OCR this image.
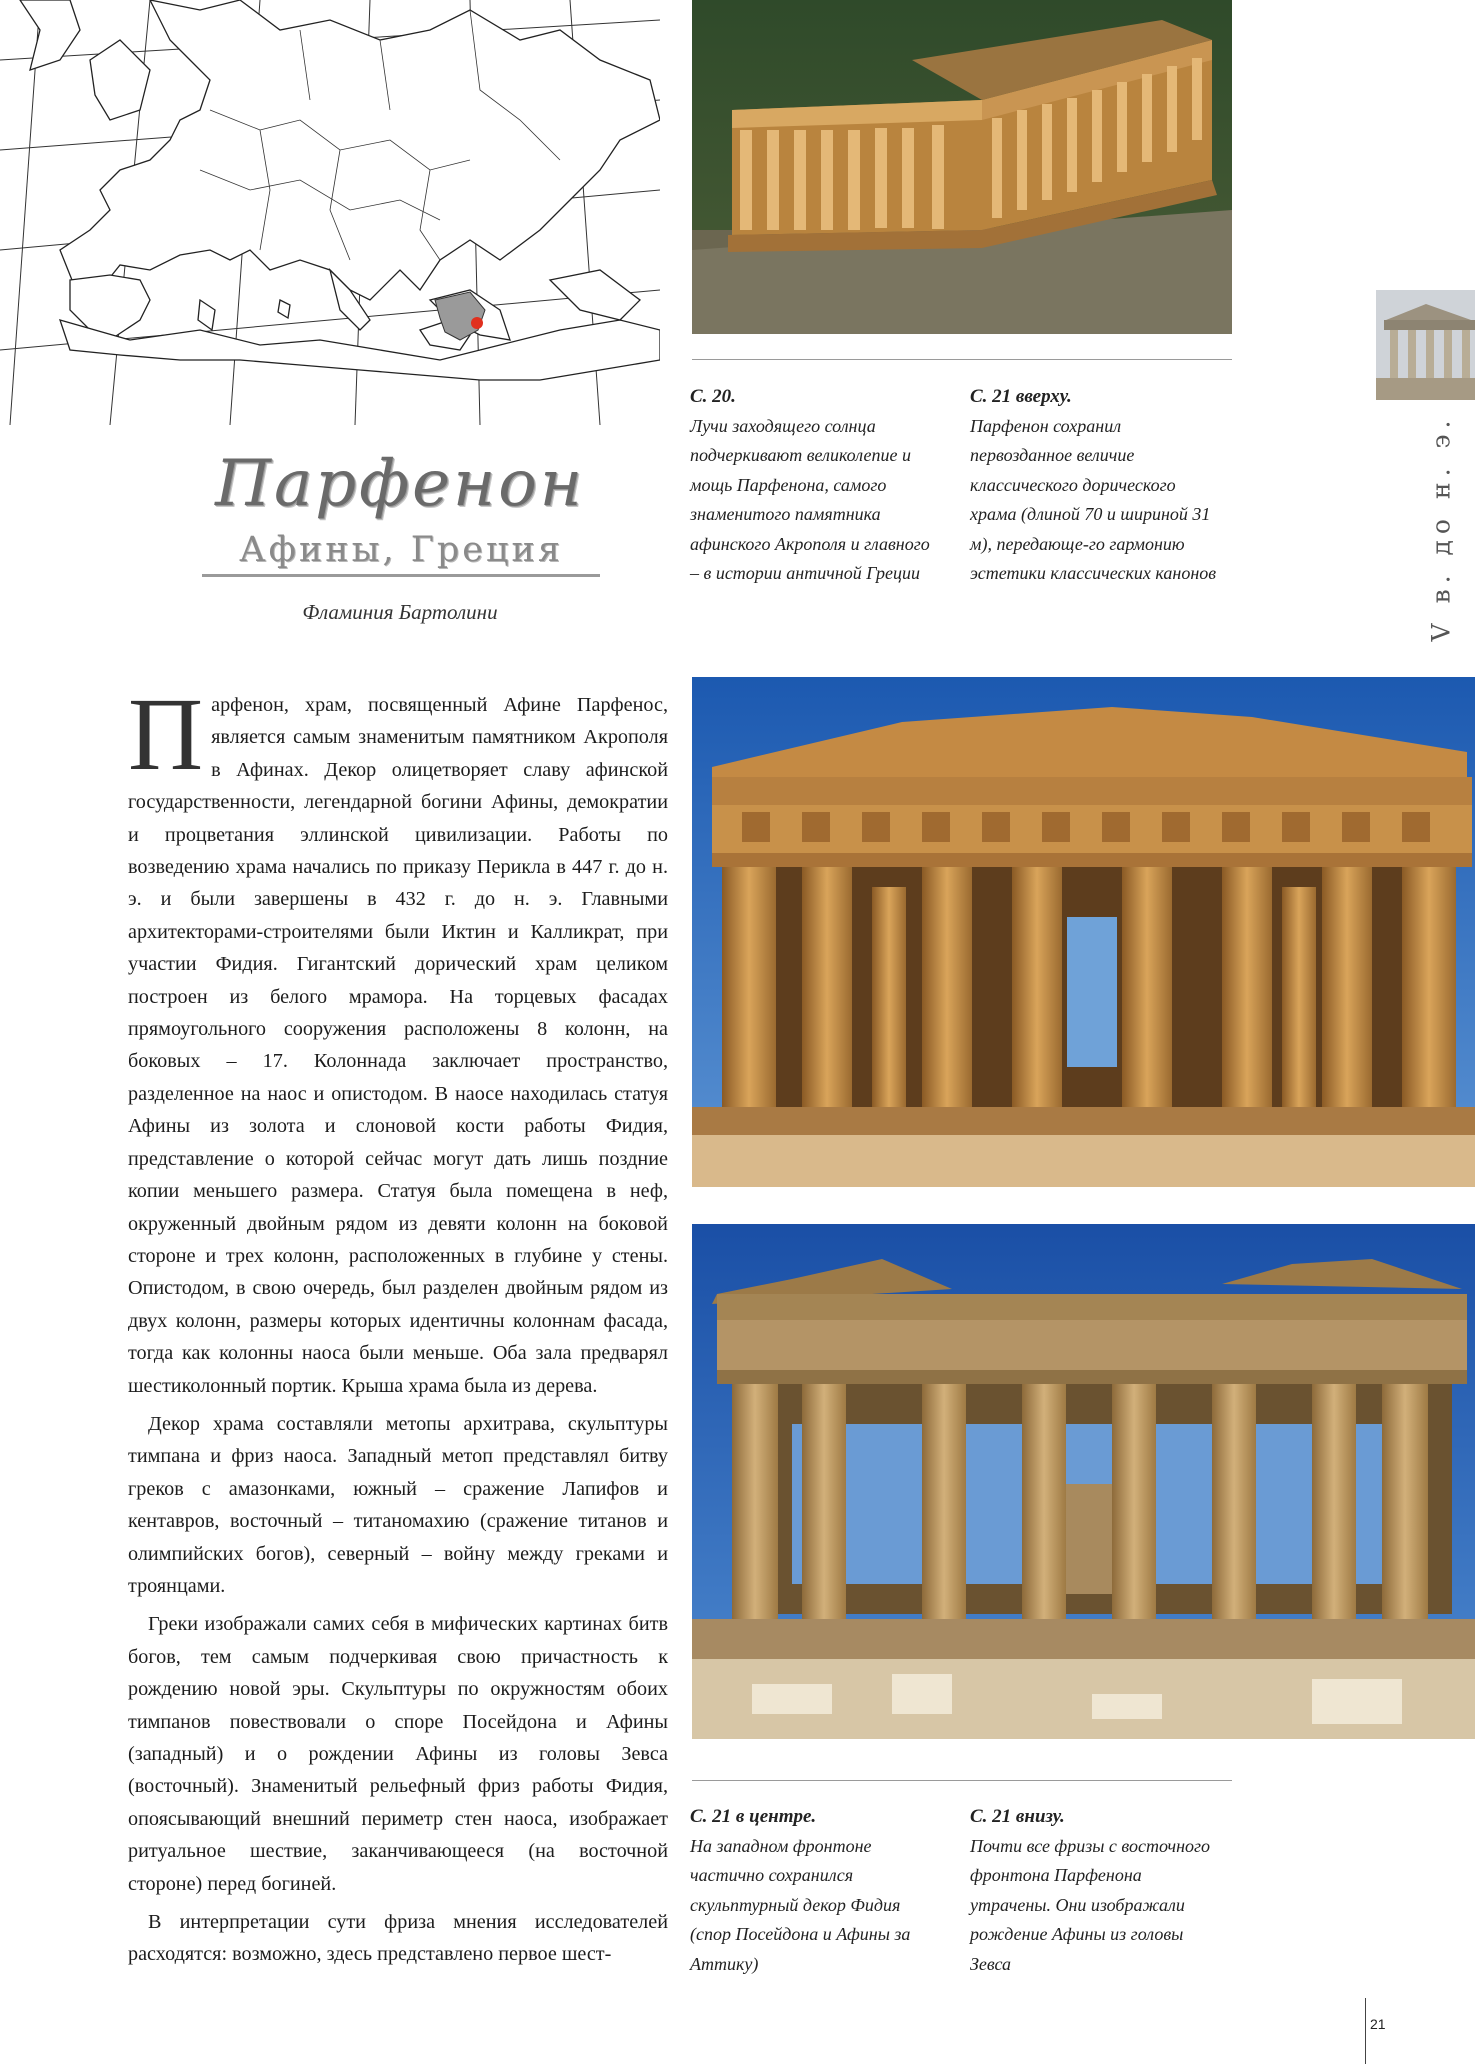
Парфенон
Афины, Греция
Фламиния Бартолини	V в. до н. э.
С. 20.
Лучи заходящего солнца подчеркивают великолепие и мощь Парфенона, самого знаменитого памятника афинского Акрополя и главного – в истории античной Греции
С. 21 вверху.
Парфенон сохранил первозданное величие классического дорического храма (длиной 70 и шириной 31 м), передающе-го гармонию эстетики классических канонов
С. 21 в центре.
На западном фронтоне частично сохранился скульптурный декор Фидия (спор Посейдона и Афины за Аттику)
С. 21 внизу.
Почти все фризы с восточного фронтона Парфенона утрачены. Они изображали рождение Афины из головы Зевса

Парфенон, храм, посвященный Афине Парфенос, является самым знаменитым памятником Акрополя в Афинах. Декор олицетворяет славу афинской государственности, легендарной богини Афины, демократии и процветания эллинской цивилизации. Работы по возведению храма начались по приказу Перикла в 447 г. до н. э. и были завершены в 432 г. до н. э. Главными архитекторами-строителями были Иктин и Калликрат, при участии Фидия. Гигантский дорический храм целиком построен из белого мрамора. На торцевых фасадах прямоугольного сооружения расположены 8 колонн, на боковых – 17. Колоннада заключает пространство, разделенное на наос и опистодом. В наосе находилась статуя Афины из золота и слоновой кости работы Фидия, представление о которой сейчас могут дать лишь поздние копии меньшего размера. Статуя была помещена в неф, окруженный двойным рядом из девяти колонн на боковой стороне и трех колонн, расположенных в глубине у стены. Опистодом, в свою очередь, был разделен двойным рядом из двух колонн, размеры которых идентичны колоннам фасада, тогда как колонны наоса были меньше. Оба зала предварял шестиколонный портик. Крыша храма была из дерева.

Декор храма составляли метопы архитрава, скульптуры тимпана и фриз наоса. Западный метоп представлял битву греков с амазонками, южный – сражение Лапифов и кентавров, восточный – титаномахию (сражение титанов и олимпийских богов), северный – войну между греками и троянцами.

Греки изображали самих себя в мифических картинах битв богов, тем самым подчеркивая свою причастность к рождению новой эры. Скульптуры по окружностям обоих тимпанов повествовали о споре Посейдона и Афины (западный) и о рождении Афины из головы Зевса (восточный). Знаменитый рельефный фриз работы Фидия, опоясывающий внешний периметр стен наоса, изображает ритуальное шествие, заканчивающееся (на восточной стороне) перед богиней.

В интерпретации сути фриза мнения исследователей расходятся: возможно, здесь представлено первое шест-

21
